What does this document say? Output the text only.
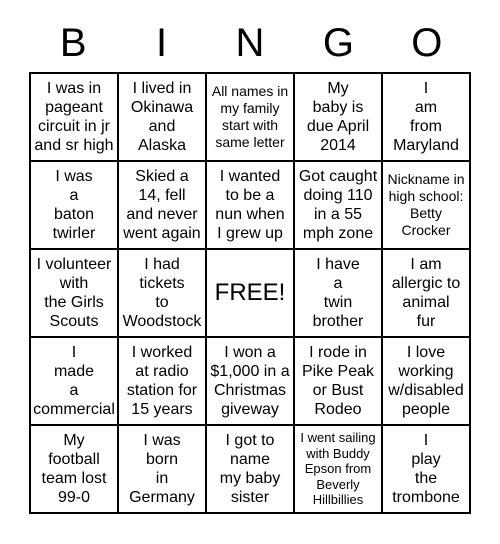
B	I	N	G	O
I was in
pageant
circuit in jr
and sr high
I lived in
Okinawa
and
Alaska
All names in
my family
start with
same letter
My
baby is
due April
2014
I
am
from
Maryland
I was
a
baton
twirler
Skied a
14, fell
and never
went again
I wanted
to be a
nun when
I grew up
Got caught
doing 110
in a 55
mph zone
Nickname in
high school:
Betty
Crocker
I volunteer
with
the Girls
Scouts
I had
tickets
to
Woodstock
FREE!
I have
a
twin
brother
I am
allergic to
animal
fur
I
made
a
commercial
I worked
at radio
station for
15 years
I won a
$1,000 in a
Christmas
giveway
I rode in
Pike Peak
or Bust
Rodeo
I love
working
w/disabled
people
My
football
team lost
99-0
I was
born
in
Germany
I got to
name
my baby
sister
I went sailing
with Buddy
Epson from
Beverly
Hillbillies
I
play
the
trombone
